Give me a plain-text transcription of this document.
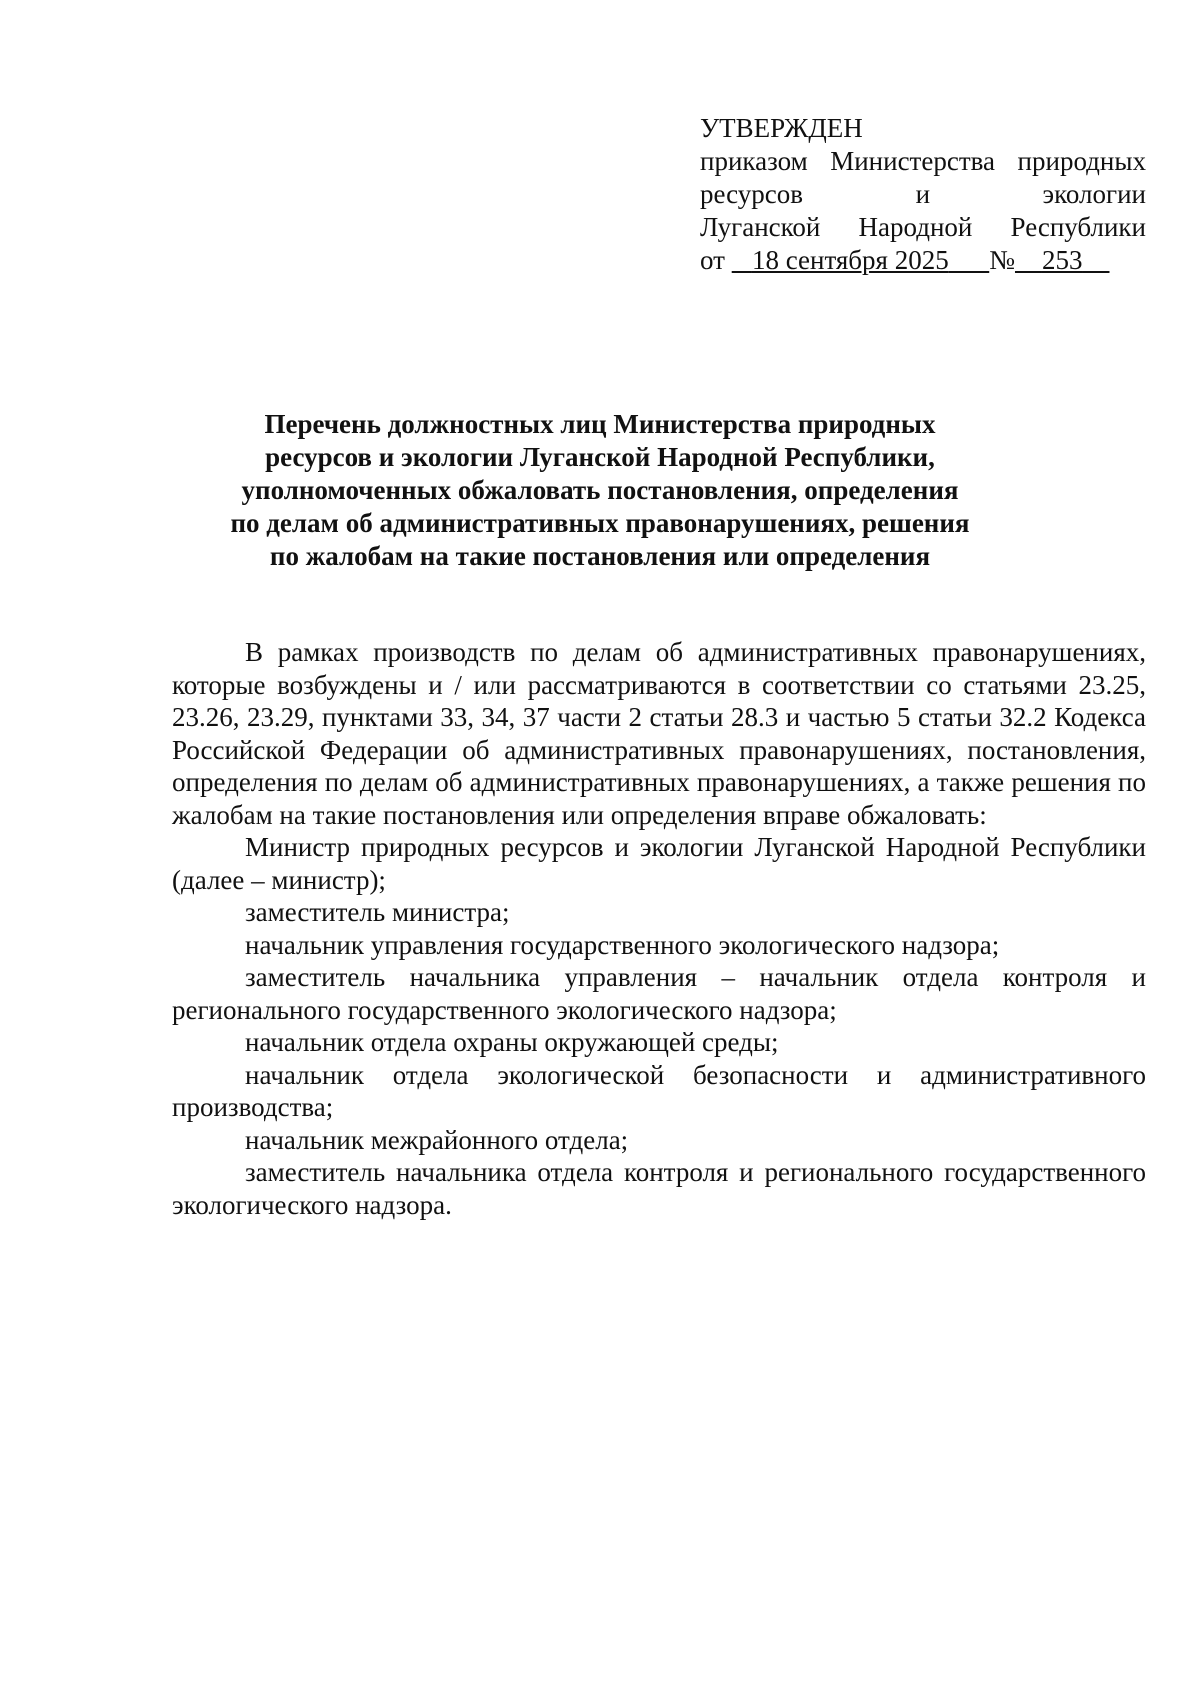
УТВЕРЖДЕН
приказом Министерства природных
ресурсов и экологии
Луганской Народной Республики
от 18 сентября 2025 № 253
Перечень должностных лиц Министерства природных
ресурсов и экологии Луганской Народной Республики,
уполномоченных обжаловать постановления, определения
по делам об административных правонарушениях, решения
по жалобам на такие постановления или определения

В рамках производств по делам об административных правонарушениях, которые возбуждены и / или рассматриваются в соответствии со статьями 23.25, 23.26, 23.29, пунктами 33, 34, 37 части 2 статьи 28.3 и частью 5 статьи 32.2 Кодекса Российской Федерации об административных правонарушениях, постановления, определения по делам об административных правонарушениях, а также решения по жалобам на такие постановления или определения вправе обжаловать:

Министр природных ресурсов и экологии Луганской Народной Республики (далее – министр);

заместитель министра;

начальник управления государственного экологического надзора;

заместитель начальника управления – начальник отдела контроля и регионального государственного экологического надзора;

начальник отдела охраны окружающей среды;

начальник отдела экологической безопасности и административного производства;

начальник межрайонного отдела;

заместитель начальника отдела контроля и регионального государственного экологического надзора.
